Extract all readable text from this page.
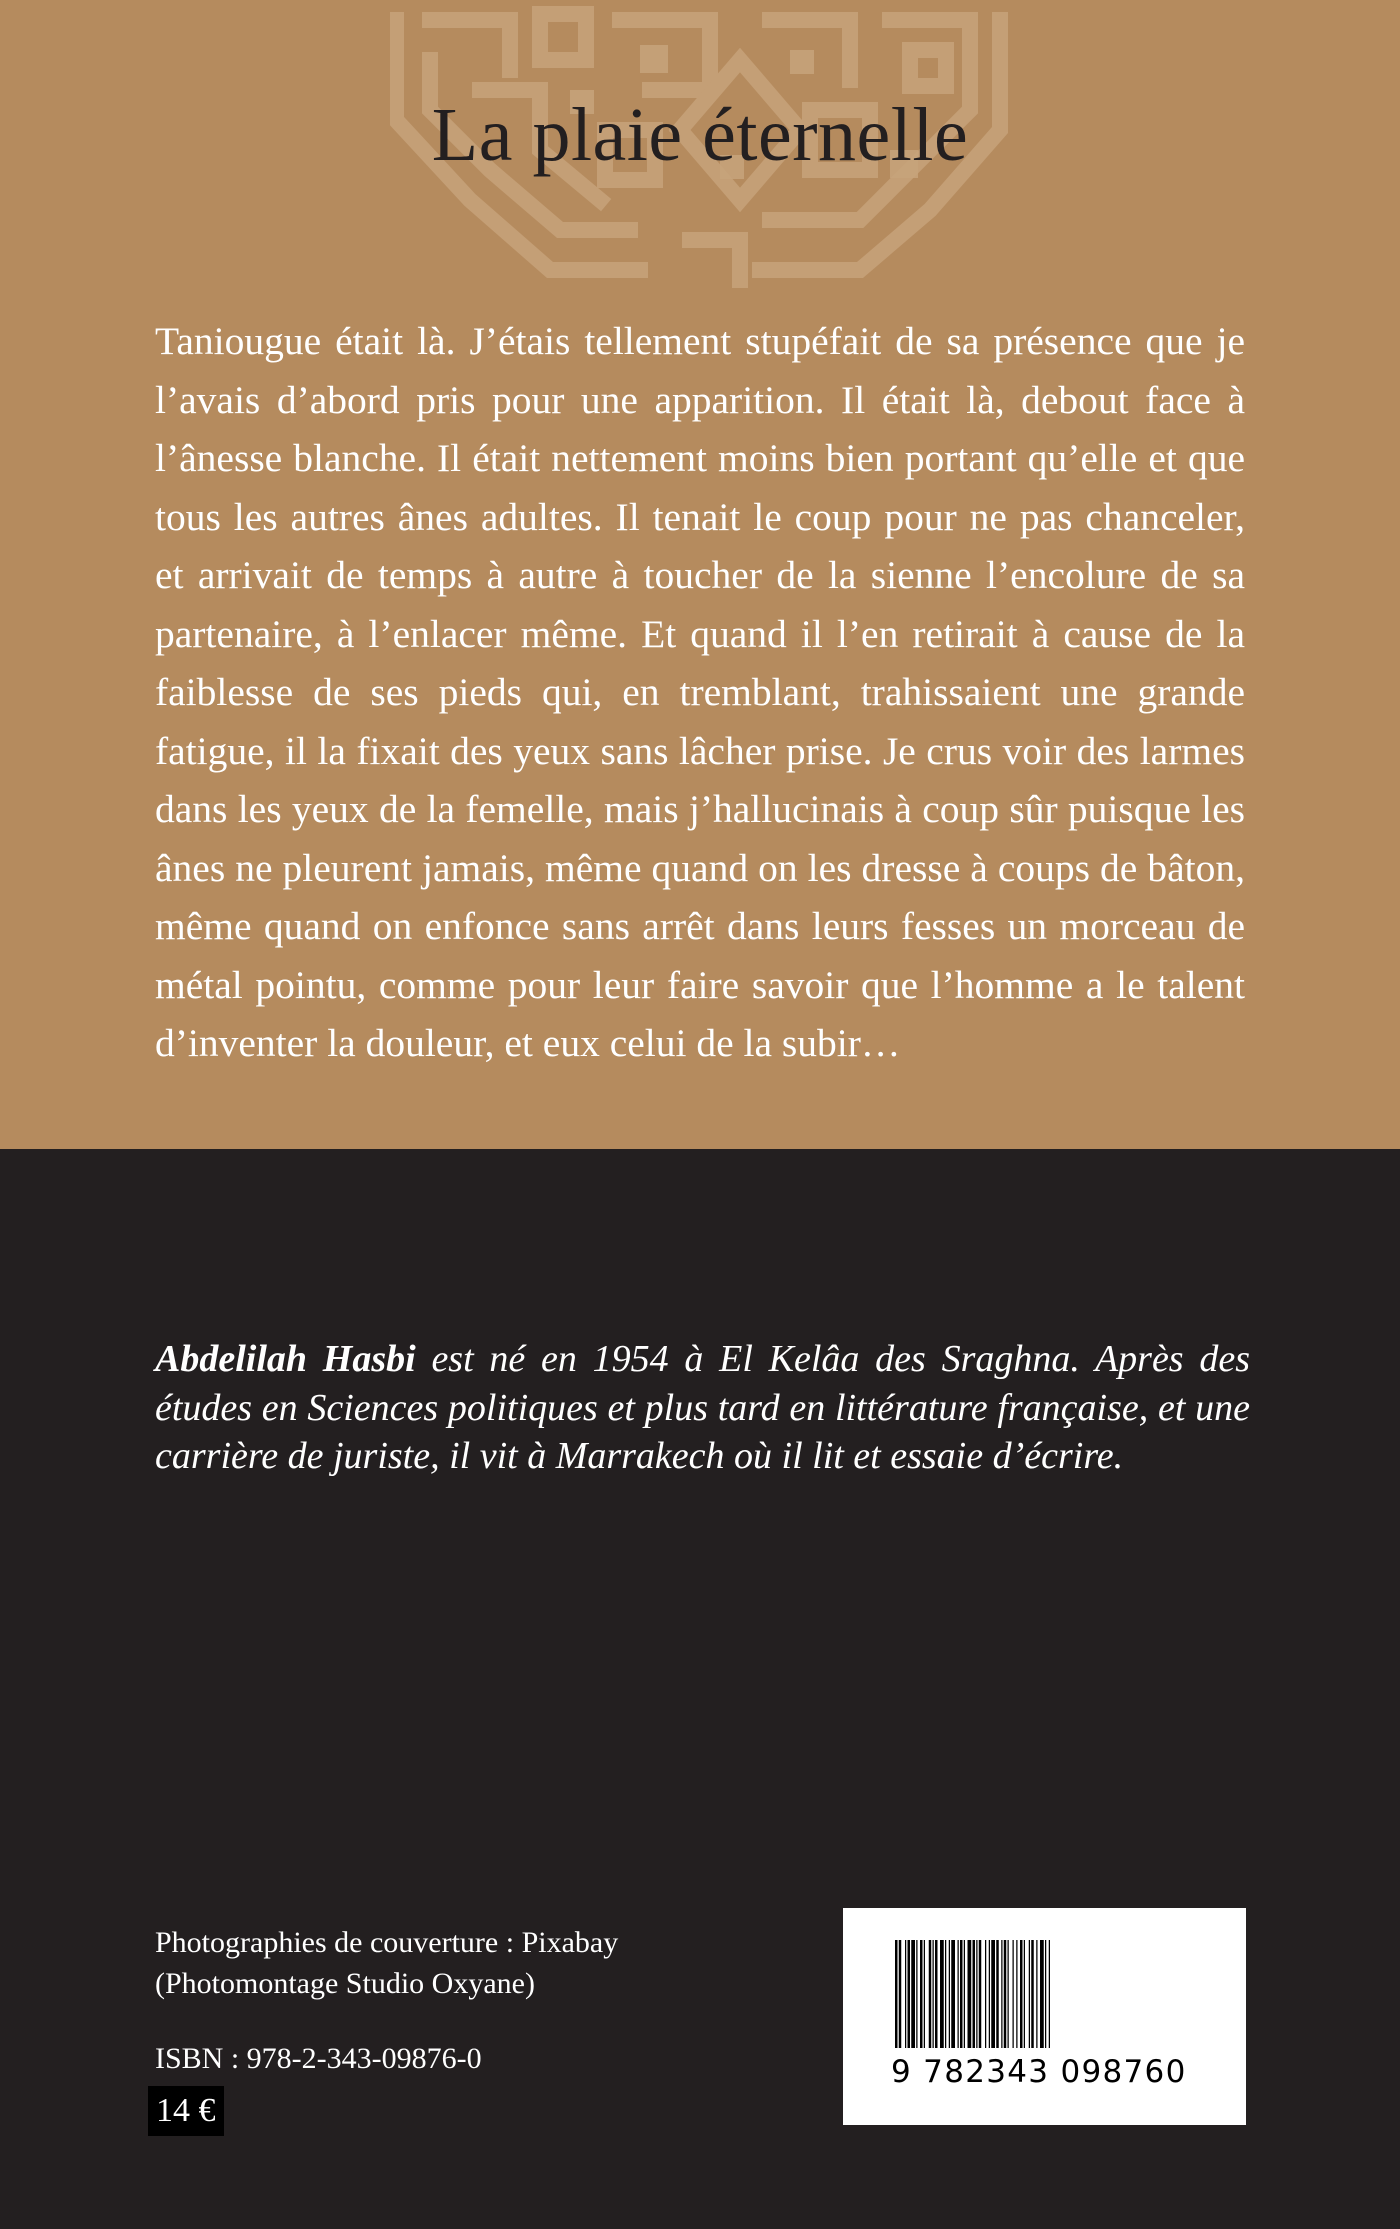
La plaie éternelle

Taniougue était là. J’étais tellement stupéfait de sa présence que je l’avais d’abord pris pour une apparition. Il était là, debout face à l’ânesse blanche. Il était nettement moins bien portant qu’elle et que tous les autres ânes adultes. Il tenait le coup pour ne pas chanceler, et arrivait de temps à autre à toucher de la sienne l’encolure de sa partenaire, à l’enlacer même. Et quand il l’en retirait à cause de la faiblesse de ses pieds qui, en tremblant, trahissaient une grande fatigue, il la fixait des yeux sans lâcher prise. Je crus voir des larmes dans les yeux de la femelle, mais j’hallucinais à coup sûr puisque les ânes ne pleurent jamais, même quand on les dresse à coups de bâton, même quand on enfonce sans arrêt dans leurs fesses un morceau de métal pointu, comme pour leur faire savoir que l’homme a le talent d’inventer la douleur, et eux celui de la subir…

Abdelilah Hasbi est né en 1954 à El Kelâa des Sraghna. Après des études en Sciences politiques et plus tard en littérature française, et une carrière de juriste, il vit à Marrakech où il lit et essaie d’écrire.

Photographies de couverture : Pixabay
(Photomontage Studio Oxyane)
ISBN : 978-2-343-09876-0
14 €
9 782343 098760
